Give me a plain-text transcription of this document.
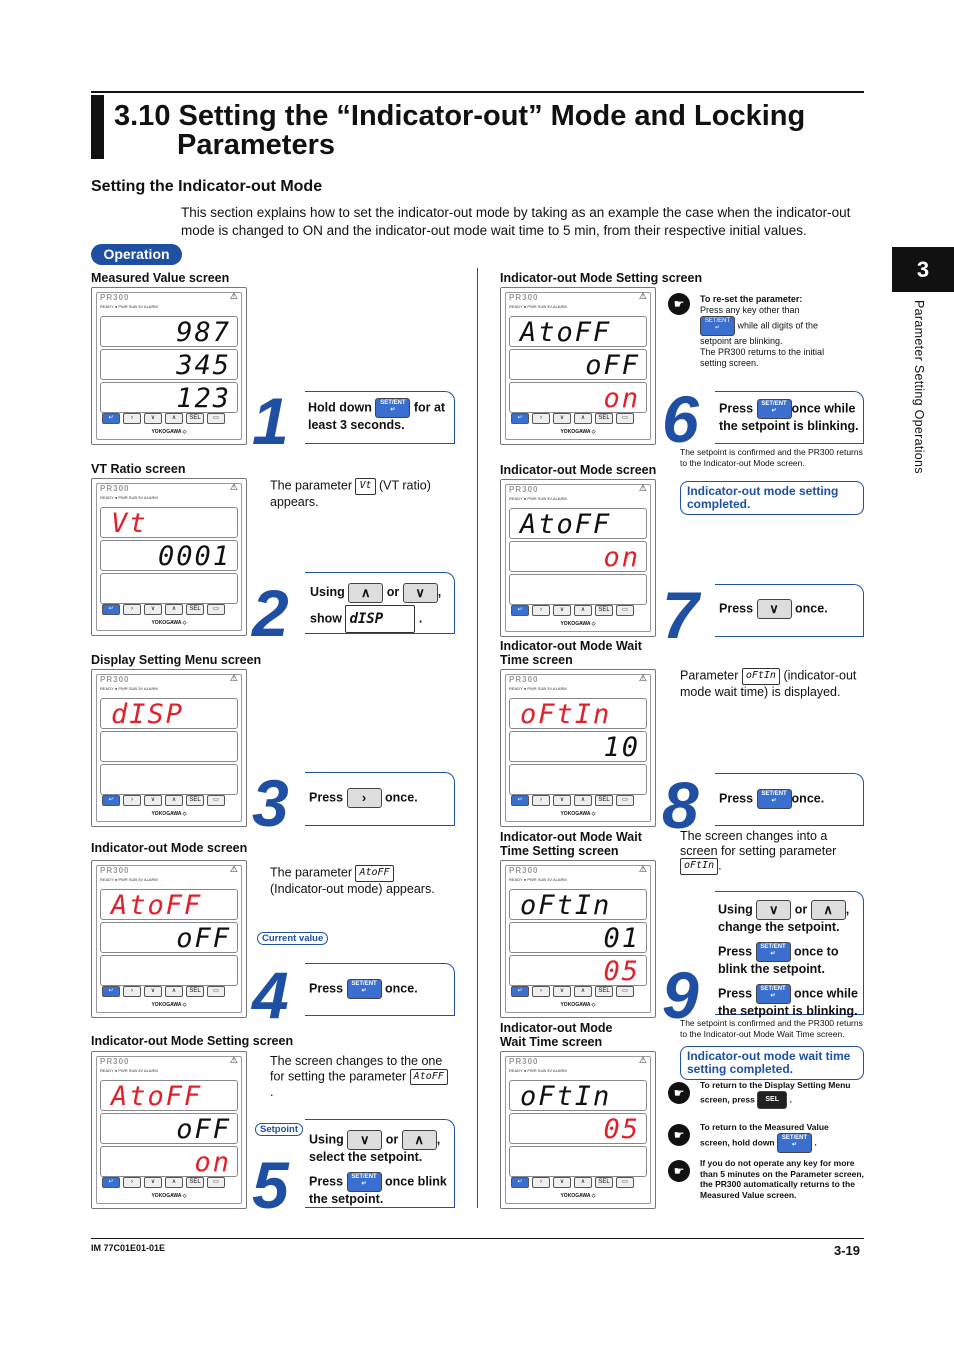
3.10 Setting the “Indicator-out” Mode and Locking
Parameters
Setting the Indicator-out Mode
This section explains how to set the indicator-out mode by taking as an example the case when the indicator-out mode is changed to ON and the indicator-out mode wait time to 5 min, from their respective initial values.
Operation
3
Parameter Setting Operations
Measured Value screen
VT Ratio screen
Display Setting Menu screen
Indicator-out Mode screen
Indicator-out Mode Setting screen
Indicator-out Mode Setting screen
Indicator-out Mode screen
Indicator-out Mode Wait Time screen
Indicator-out Mode Wait Time Setting screen
Indicator-out Mode Wait Time screen
PR300	⚠
READY ● PWR SUB 3V ALARM
987
345
123
↵	›	∨	∧	SEL	▭
YOKOGAWA ◇
PR300	⚠
READY ● PWR SUB 3V ALARM
Vt
0001
↵	›	∨	∧	SEL	▭
YOKOGAWA ◇
PR300	⚠
READY ● PWR SUB 3V ALARM
dISP
↵	›	∨	∧	SEL	▭
YOKOGAWA ◇
PR300	⚠
READY ● PWR SUB 3V ALARM
AtoFF
oFF
↵	›	∨	∧	SEL	▭
YOKOGAWA ◇
PR300	⚠
READY ● PWR SUB 3V ALARM
AtoFF
oFF
on
↵	›	∨	∧	SEL	▭
YOKOGAWA ◇
PR300	⚠
READY ● PWR SUB 3V ALARM
AtoFF
oFF
on
↵	›	∨	∧	SEL	▭
YOKOGAWA ◇
PR300	⚠
READY ● PWR SUB 3V ALARM
AtoFF
on
↵	›	∨	∧	SEL	▭
YOKOGAWA ◇
PR300	⚠
READY ● PWR SUB 3V ALARM
oFtIn
10
↵	›	∨	∧	SEL	▭
YOKOGAWA ◇
PR300	⚠
READY ● PWR SUB 3V ALARM
oFtIn
01
05
↵	›	∨	∧	SEL	▭
YOKOGAWA ◇
PR300	⚠
READY ● PWR SUB 3V ALARM
oFtIn
05
↵	›	∨	∧	SEL	▭
YOKOGAWA ◇
1 Hold down SET/ENT
↵ for at
least 3 seconds.
The parameter Vt (VT ratio) appears.
2 Using ∧ or ∨ ,
show dISP	.
3 Press › once.
The parameter AtoFF
(Indicator-out mode) appears.
Current value
4 Press SET/ENT
↵ once.
The screen changes to the one for setting the parameter AtoFF .
Setpoint
5
Using ∨ or ∧ ,
select the setpoint.

Press SET/ENT
↵ once blink the setpoint.
☛	To re-set the parameter:
Press any key other than
SET/ENT
↵ while all digits of the setpoint are blinking.
The PR300 returns to the initial setting screen.
6 Press SET/ENT
↵ once while the setpoint is blinking.
The setpoint is confirmed and the PR300 returns to the Indicator-out Mode screen.
Indicator-out mode setting completed.
7 Press ∨ once.
Parameter oFtIn (indicator-out mode wait time) is displayed.
8 Press SET/ENT
↵ once.
The screen changes into a screen for setting parameter oFtIn .
9
Using ∨ or ∧ ,
change the setpoint.

Press SET/ENT
↵ once to blink the setpoint.

Press SET/ENT
↵ once while the setpoint is blinking.
The setpoint is confirmed and the PR300 returns to the Indicator-out Mode Wait Time screen.
Indicator-out mode wait time setting completed.
☛
To return to the Display Setting Menu
screen, press SEL .
☛
To return to the Measured Value
screen, hold down SET/ENT
↵ .
☛
If you do not operate any key for more than 5 minutes on the Parameter screen, the PR300 automatically returns to the Measured Value screen.
IM 77C01E01-01E	3-19
